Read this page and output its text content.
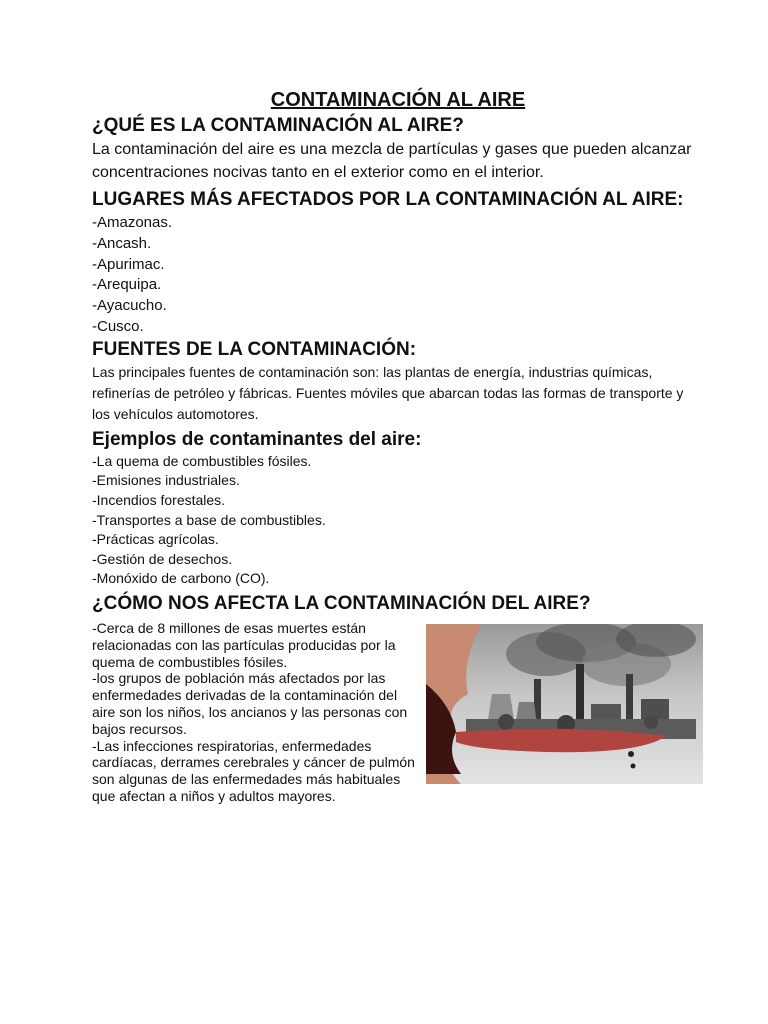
CONTAMINACIÓN AL AIRE
¿QUÉ ES LA CONTAMINACIÓN AL AIRE?

La contaminación del aire es una mezcla de partículas y gases que pueden alcanzar concentraciones nocivas tanto en el exterior como en el interior.

LUGARES MÁS AFECTADOS POR LA CONTAMINACIÓN AL AIRE:
-Amazonas.
-Ancash.
-Apurimac.
-Arequipa.
-Ayacucho.
-Cusco.
FUENTES DE LA CONTAMINACIÓN:

Las principales fuentes de contaminación son: las plantas de energía, industrias químicas, refinerías de petróleo y fábricas. Fuentes móviles que abarcan todas las formas de transporte y los vehículos automotores.

Ejemplos de contaminantes del aire:
-La quema de combustibles fósiles.
-Emisiones industriales.
-Incendios forestales.
-Transportes a base de combustibles.
-Prácticas agrícolas.
-Gestión de desechos.
-Monóxido de carbono (CO).
¿CÓMO NOS AFECTA LA CONTAMINACIÓN DEL AIRE?

-Cerca de 8 millones de esas muertes están relacionadas con las partículas producidas por la quema de combustibles fósiles.

-los grupos de población más afectados por las enfermedades derivadas de la contaminación del aire son los niños, los ancianos y las personas con bajos recursos.

-Las infecciones respiratorias, enfermedades cardíacas, derrames cerebrales y cáncer de pulmón son algunas de las enfermedades más habituales que afectan a niños y adultos mayores.
